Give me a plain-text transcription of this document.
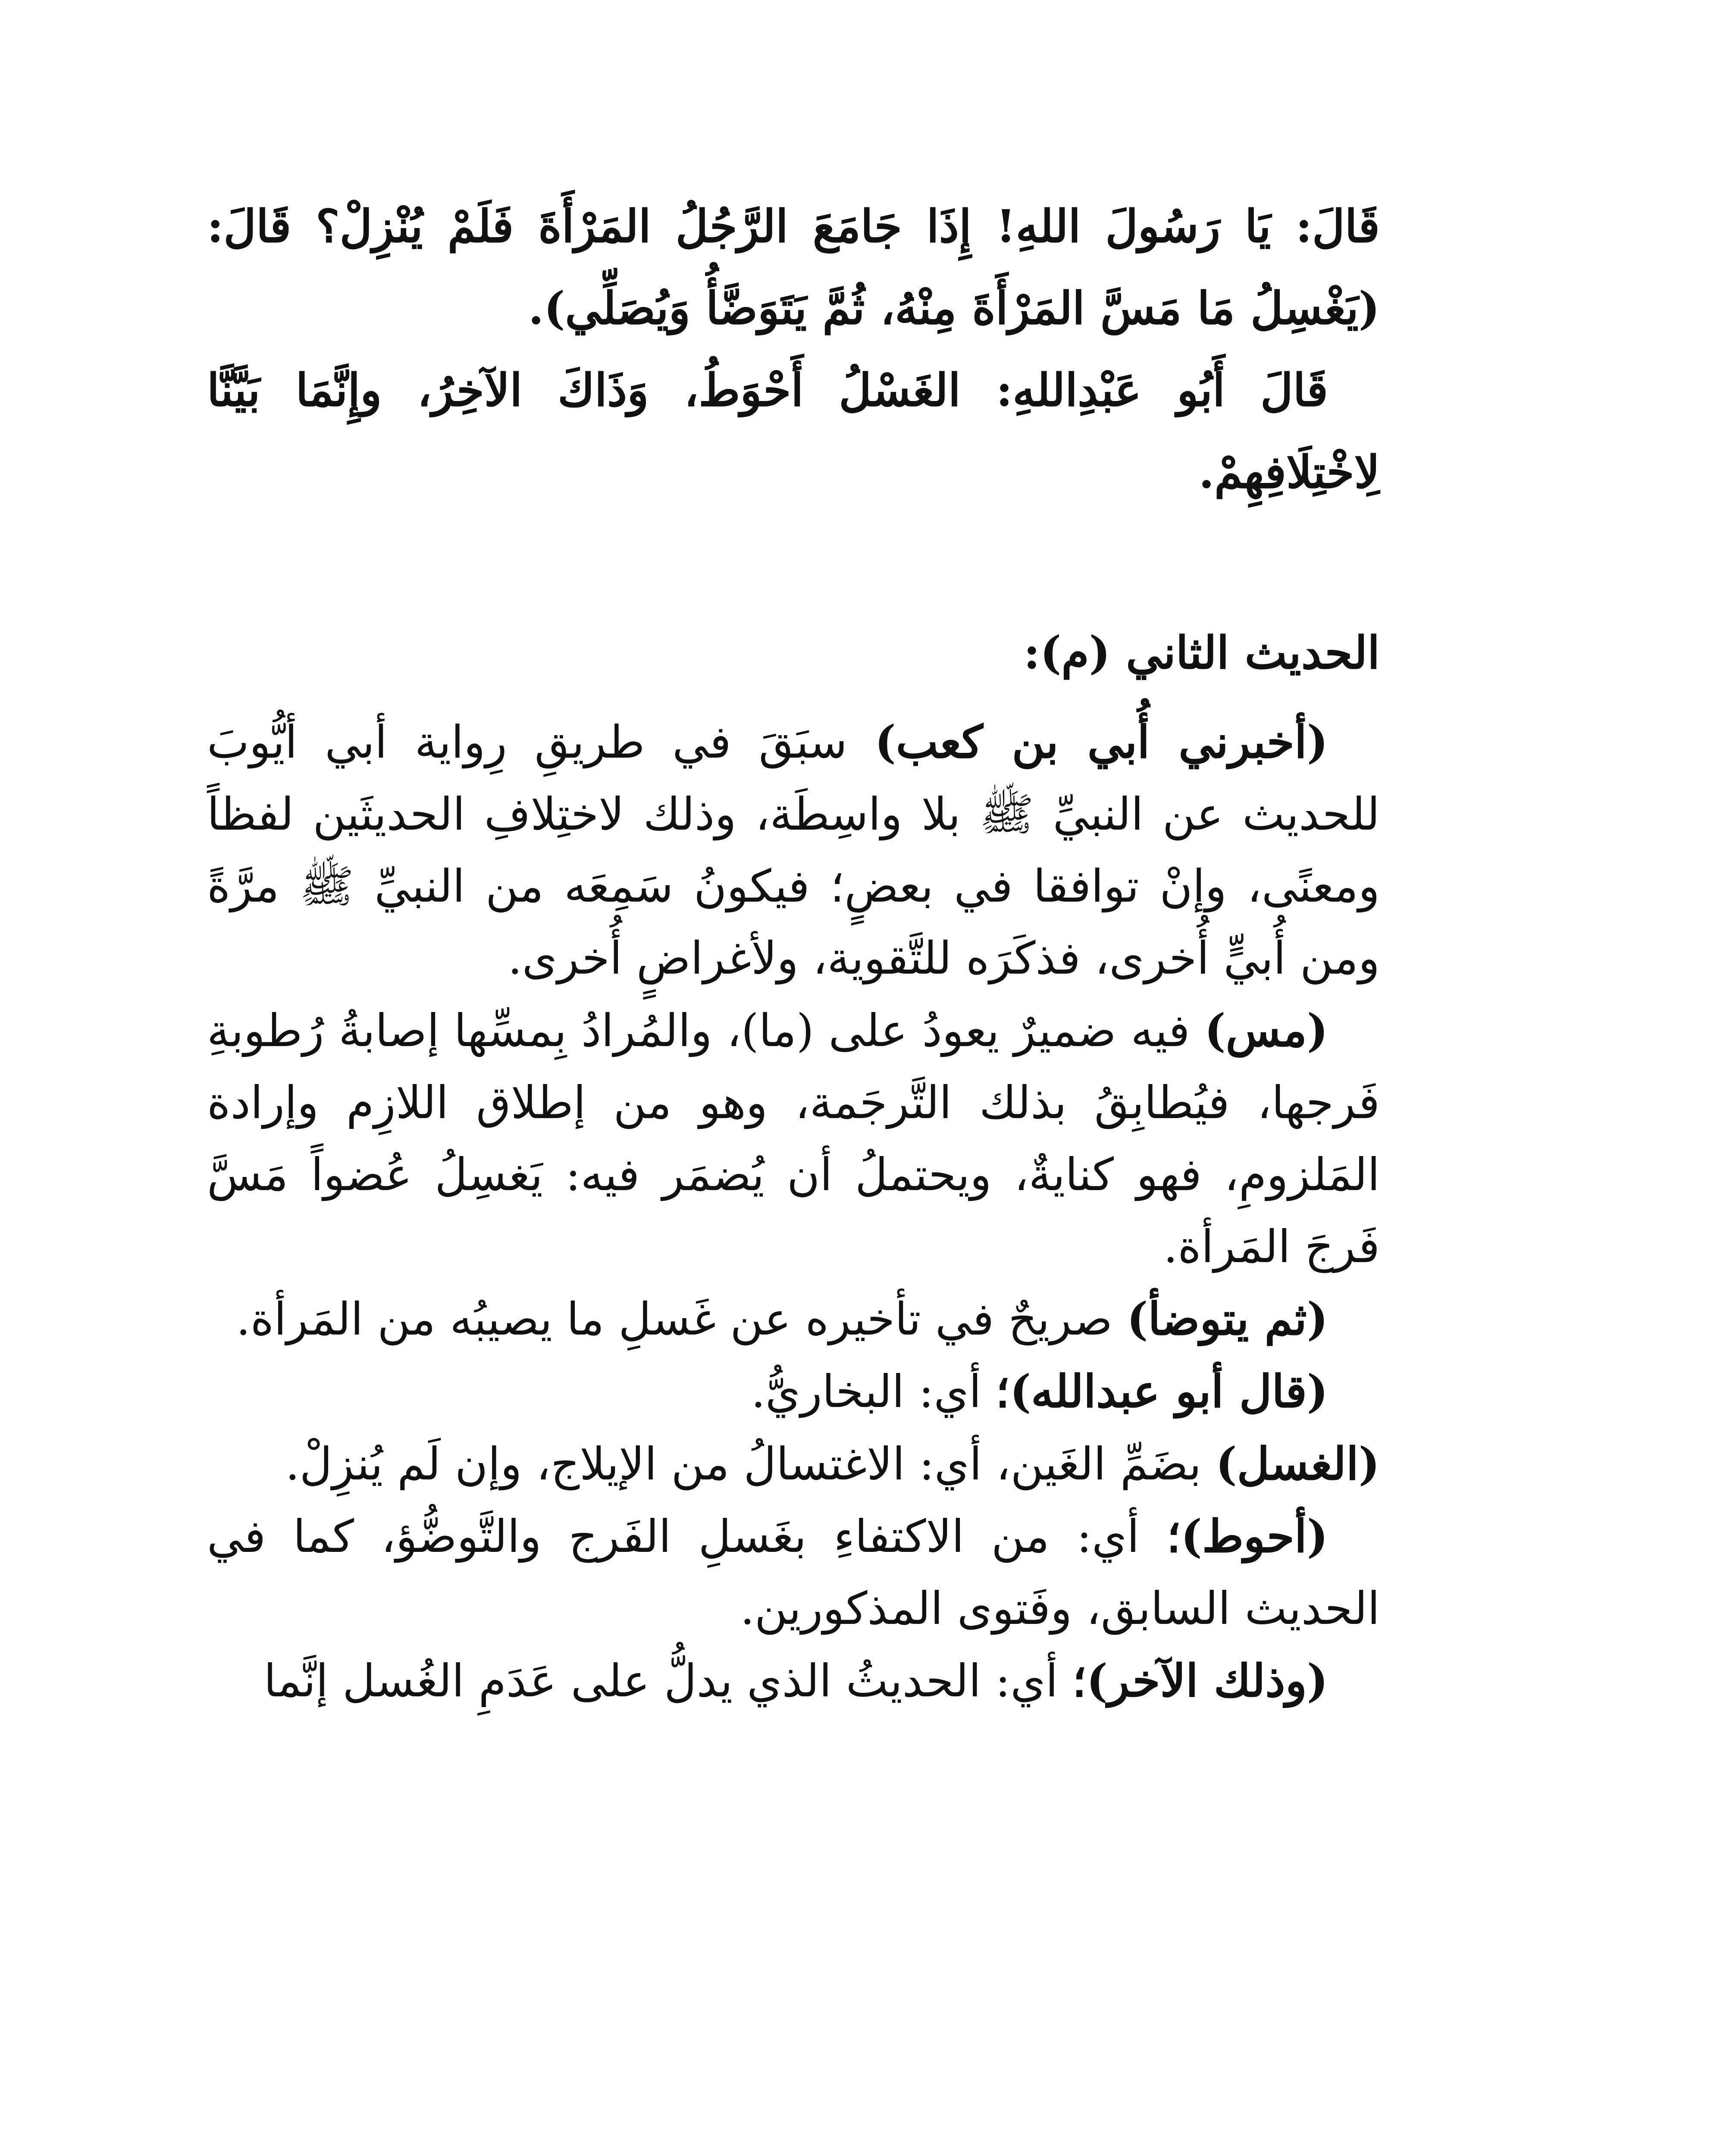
قَالَ: يَا رَسُولَ اللهِ! إِذَا جَامَعَ الرَّجُلُ المَرْأَةَ فَلَمْ يُنْزِلْ؟ قَالَ: (يَغْسِلُ مَا مَسَّ المَرْأَةَ مِنْهُ، ثُمَّ يَتَوَضَّأُ وَيُصَلِّي).

قَالَ أَبُو عَبْدِاللهِ: الغَسْلُ أَحْوَطُ، وَذَاكَ الآخِرُ، وإِنَّمَا بَيَّنَّا لِاخْتِلَافِهِمْ.

الحديث الثاني (م):

(أخبرني أُبي بن كعب) سبَقَ في طريقِ رِواية أبي أيُّوبَ للحديث عن النبيِّ ﷺ بلا واسِطَة، وذلك لاختِلافِ الحديثَين لفظاً ومعنًى، وإنْ توافقا في بعضٍ؛ فيكونُ سَمِعَه من النبيِّ ﷺ مرَّةً ومن أُبيٍّ أُخرى، فذكَرَه للتَّقوية، ولأغراضٍ أُخرى.

(مس) فيه ضميرٌ يعودُ على (ما)، والمُرادُ بِمسِّها إصابةُ رُطوبةِ فَرجها، فيُطابِقُ بذلك التَّرجَمة، وهو من إطلاق اللازِم وإرادة المَلزومِ، فهو كنايةٌ، ويحتملُ أن يُضمَر فيه: يَغسِلُ عُضواً مَسَّ فَرجَ المَرأة.

(ثم يتوضأ) صريحٌ في تأخيره عن غَسلِ ما يصيبُه من المَرأة.

(قال أبو عبدالله)؛ أي: البخاريُّ.

(الغسل) بضَمِّ الغَين، أي: الاغتسالُ من الإيلاج، وإن لَم يُنزِلْ.

(أحوط)؛ أي: من الاكتفاءِ بغَسلِ الفَرج والتَّوضُّؤ، كما في الحديث السابق، وفَتوى المذكورين.

(وذلك الآخر)؛ أي: الحديثُ الذي يدلُّ على عَدَمِ الغُسل إنَّما
